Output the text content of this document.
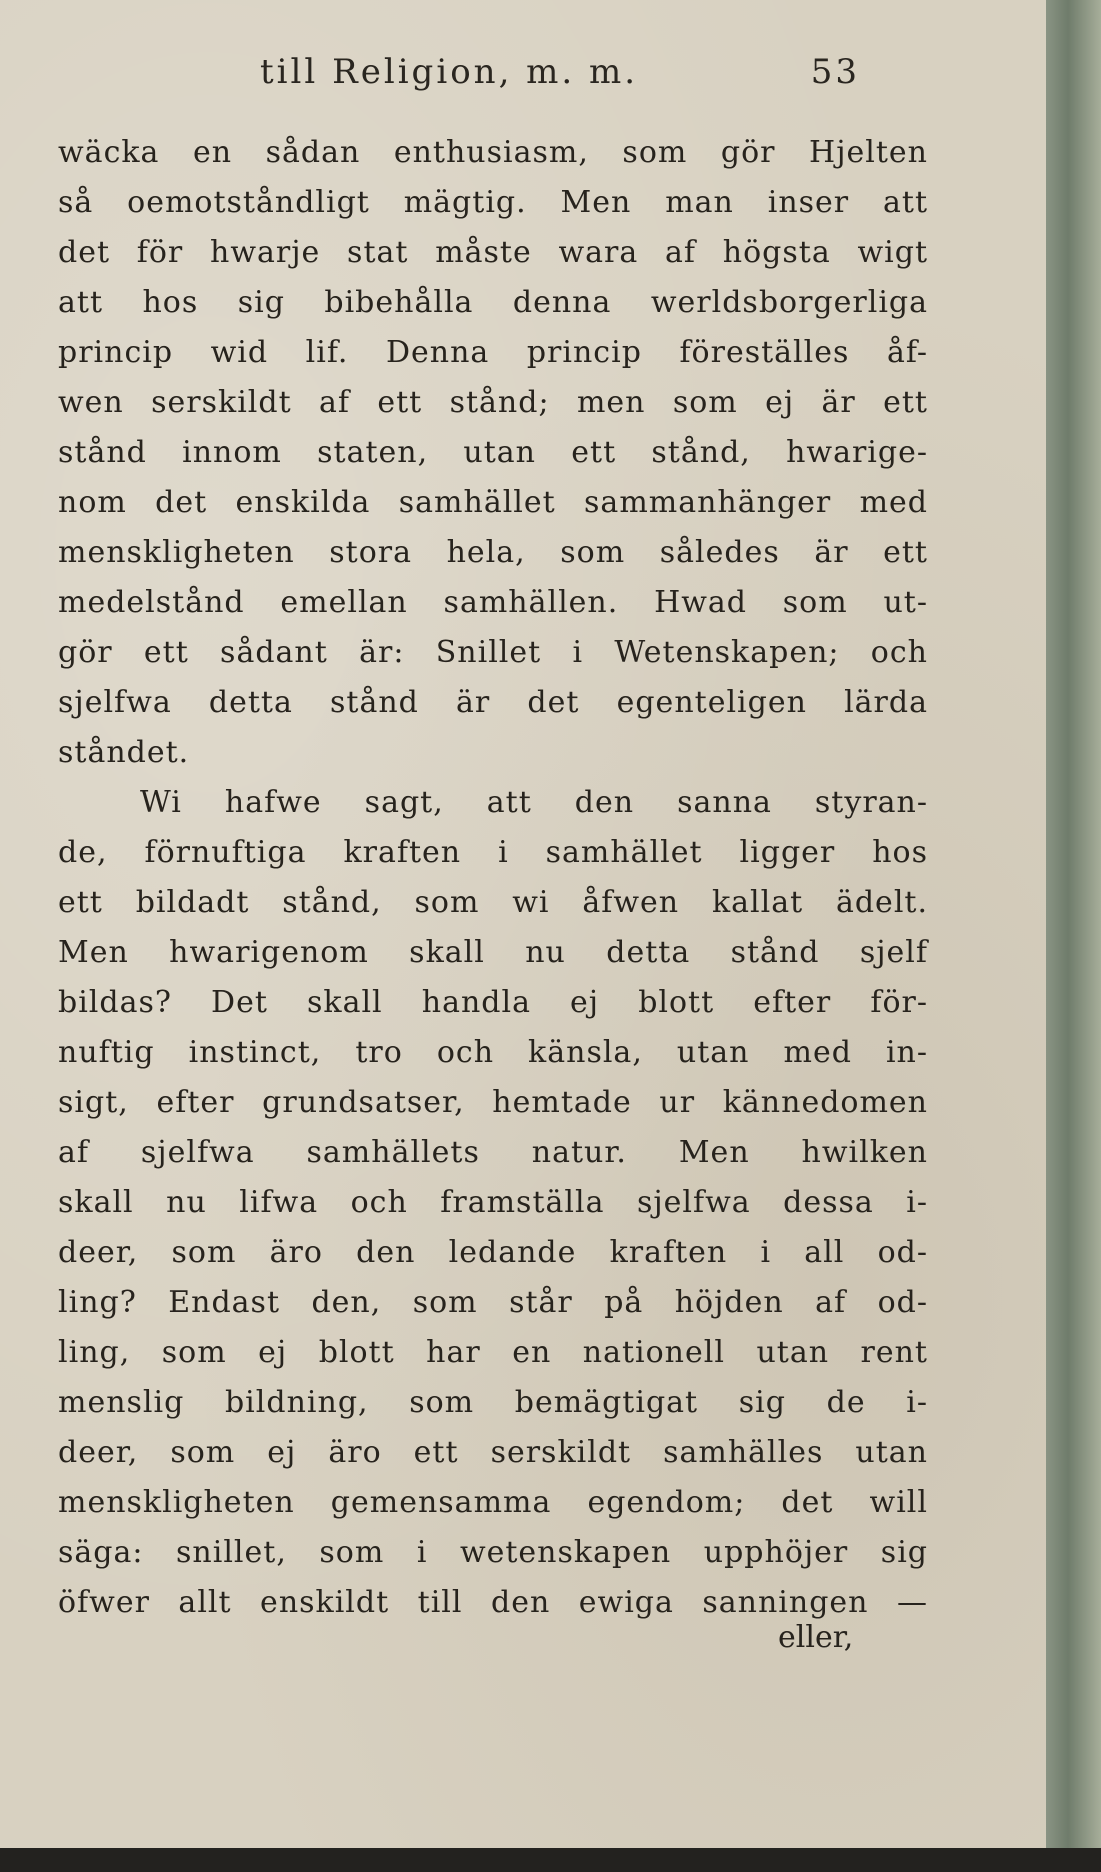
till Religion, m. m.	53
wäcka en sådan enthusiasm, som gör Hjelten
så oemotståndligt mägtig. Men man inser att
det för hwarje stat måste wara af högsta wigt
att hos sig bibehålla denna werldsborgerliga
princip wid lif. Denna princip föreställes åf-
wen serskildt af ett stånd; men som ej är ett
stånd innom staten, utan ett stånd, hwarige-
nom det enskilda samhället sammanhänger med
menskligheten stora hela, som således är ett
medelstånd emellan samhällen. Hwad som ut-
gör ett sådant är: Snillet i Wetenskapen; och
sjelfwa detta stånd är det egenteligen lärda
ståndet.
Wi hafwe sagt, att den sanna styran-
de, förnuftiga kraften i samhället ligger hos
ett bildadt stånd, som wi åfwen kallat ädelt.
Men hwarigenom skall nu detta stånd sjelf
bildas? Det skall handla ej blott efter för-
nuftig instinct, tro och känsla, utan med in-
sigt, efter grundsatser, hemtade ur kännedomen
af sjelfwa samhällets natur. Men hwilken
skall nu lifwa och framställa sjelfwa dessa i-
deer, som äro den ledande kraften i all od-
ling? Endast den, som står på höjden af od-
ling, som ej blott har en nationell utan rent
menslig bildning, som bemägtigat sig de i-
deer, som ej äro ett serskildt samhälles utan
menskligheten gemensamma egendom; det will
säga: snillet, som i wetenskapen upphöjer sig
öfwer allt enskildt till den ewiga sanningen —
eller,
